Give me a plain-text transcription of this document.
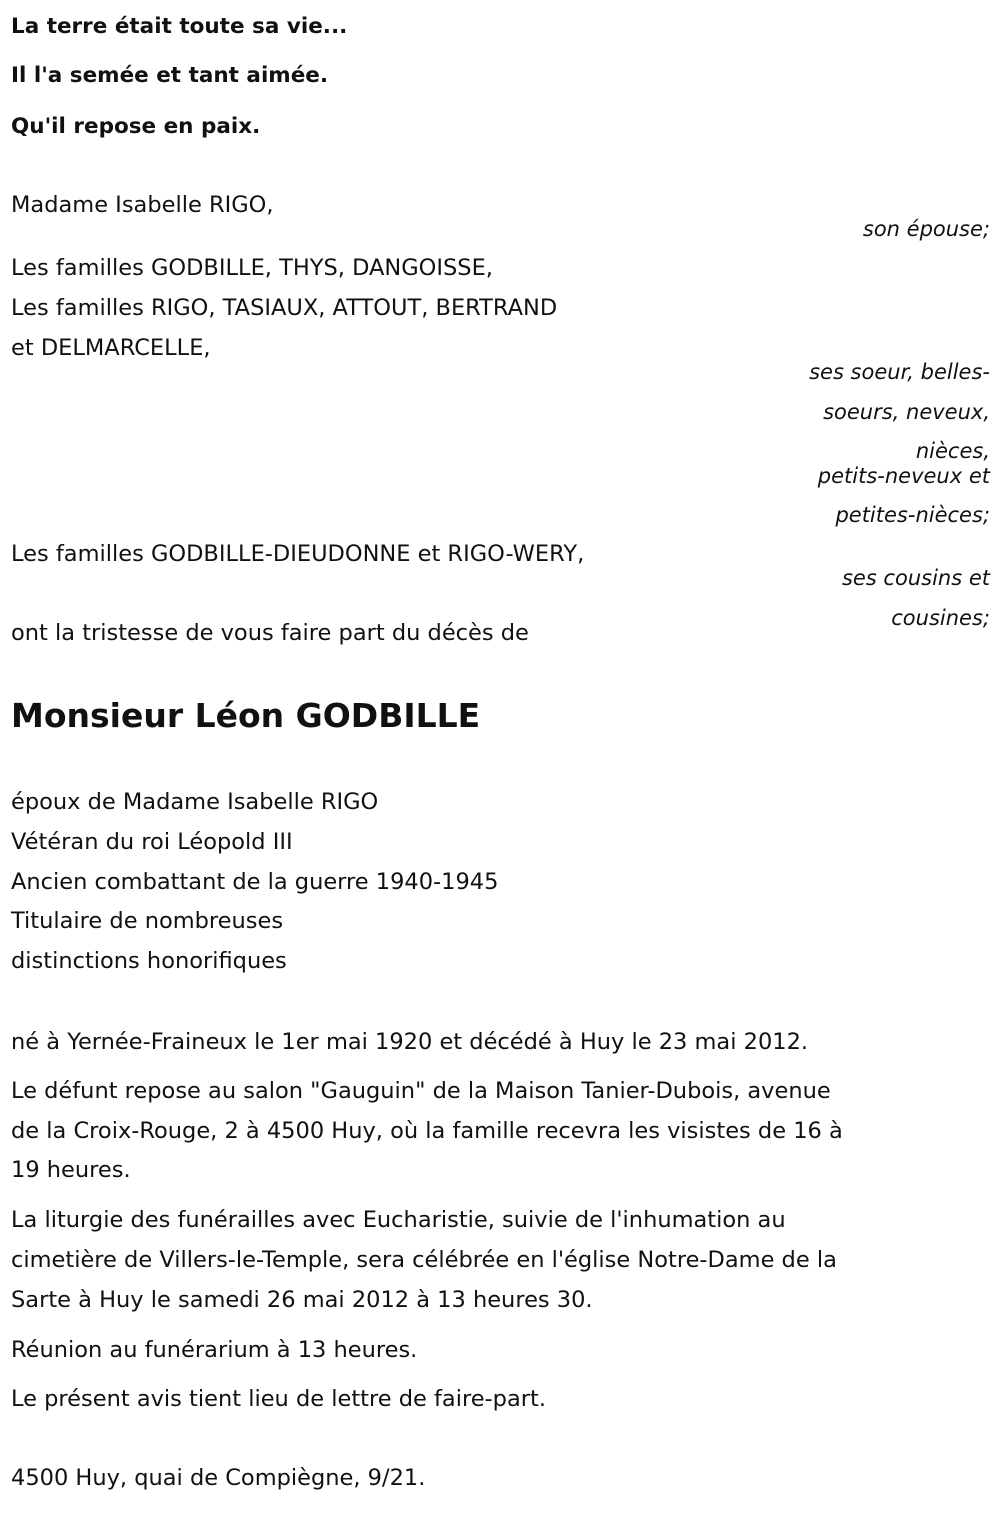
La terre était toute sa vie...
Il l'a semée et tant aimée.
Qu'il repose en paix.
Madame Isabelle RIGO,
son épouse;
Les familles GODBILLE, THYS, DANGOISSE,
Les familles RIGO, TASIAUX, ATTOUT, BERTRAND
et DELMARCELLE,
ses soeur, belles-
soeurs, neveux,
nièces,
petits-neveux et
petites-nièces;
Les familles GODBILLE-DIEUDONNE et RIGO-WERY,
ses cousins et
cousines;
ont la tristesse de vous faire part du décès de
Monsieur Léon GODBILLE
époux de Madame Isabelle RIGO
Vétéran du roi Léopold III
Ancien combattant de la guerre 1940-1945
Titulaire de nombreuses
distinctions honorifiques
né à Yernée-Fraineux le 1er mai 1920 et décédé à Huy le 23 mai 2012.
Le défunt repose au salon "Gauguin" de la Maison Tanier-Dubois, avenue
de la Croix-Rouge, 2 à 4500 Huy, où la famille recevra les visistes de 16 à
19 heures.
La liturgie des funérailles avec Eucharistie, suivie de l'inhumation au
cimetière de Villers-le-Temple, sera célébrée en l'église Notre-Dame de la
Sarte à Huy le samedi 26 mai 2012 à 13 heures 30.
Réunion au funérarium à 13 heures.
Le présent avis tient lieu de lettre de faire-part.
4500 Huy, quai de Compiègne, 9/21.
